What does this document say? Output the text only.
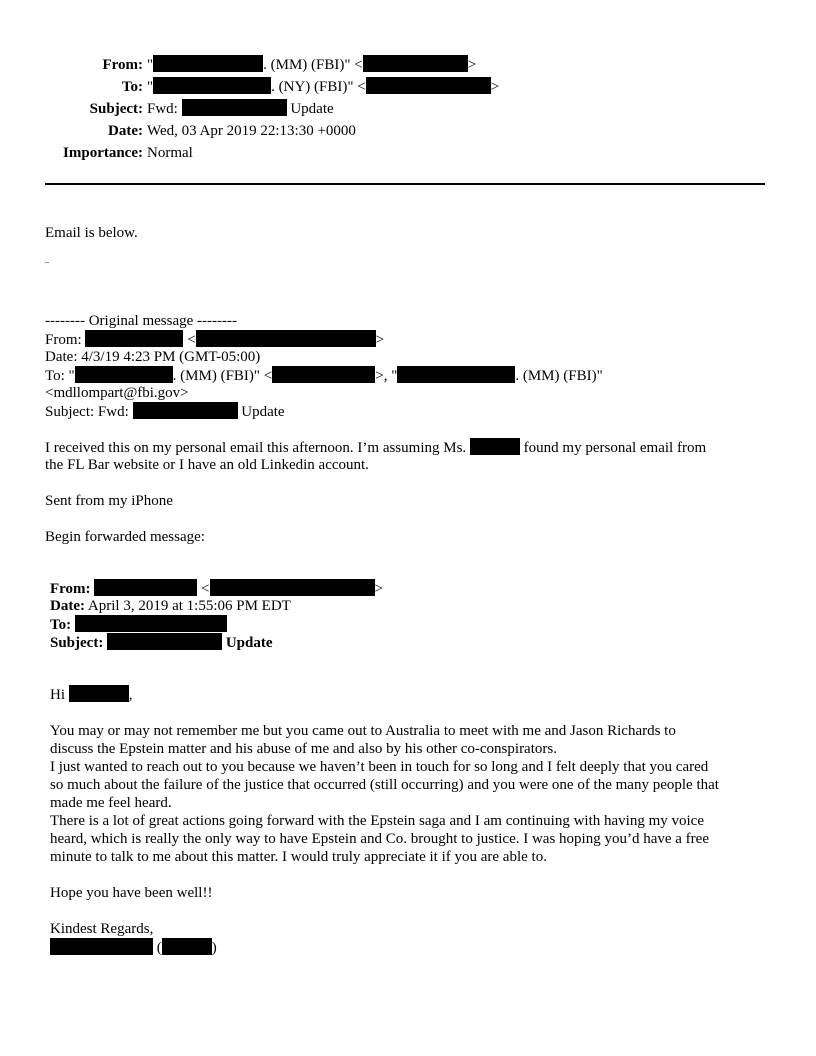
From: "	. (MM) (FBI)" <	>
To: "	. (NY) (FBI)" <	>
Subject: Fwd:	Update
Date: Wed, 03 Apr 2019 22:13:30 +0000
Importance: Normal
Email is below.
-------- Original message --------
From:	<	>
Date: 4/3/19 4:23 PM (GMT-05:00)
To: "	. (MM) (FBI)" <	>, "	. (MM) (FBI)"
<mdllompart@fbi.gov>
Subject: Fwd:	Update
I received this on my personal email this afternoon. I’m assuming Ms.	found my personal email from
the FL Bar website or I have an old Linkedin account.
Sent from my iPhone
Begin forwarded message:
From:	<	>
Date: April 3, 2019 at 1:55:06 PM EDT
To:
Subject:	Update
Hi	,
You may or may not remember me but you came out to Australia to meet with me and Jason Richards to
discuss the Epstein matter and his abuse of me and also by his other co-conspirators.
I just wanted to reach out to you because we haven’t been in touch for so long and I felt deeply that you cared
so much about the failure of the justice that occurred (still occurring) and you were one of the many people that
made me feel heard.
There is a lot of great actions going forward with the Epstein saga and I am continuing with having my voice
heard, which is really the only way to have Epstein and Co. brought to justice. I was hoping you’d have a free
minute to talk to me about this matter. I would truly appreciate it if you are able to.
Hope you have been well!!
Kindest Regards,
(	)
